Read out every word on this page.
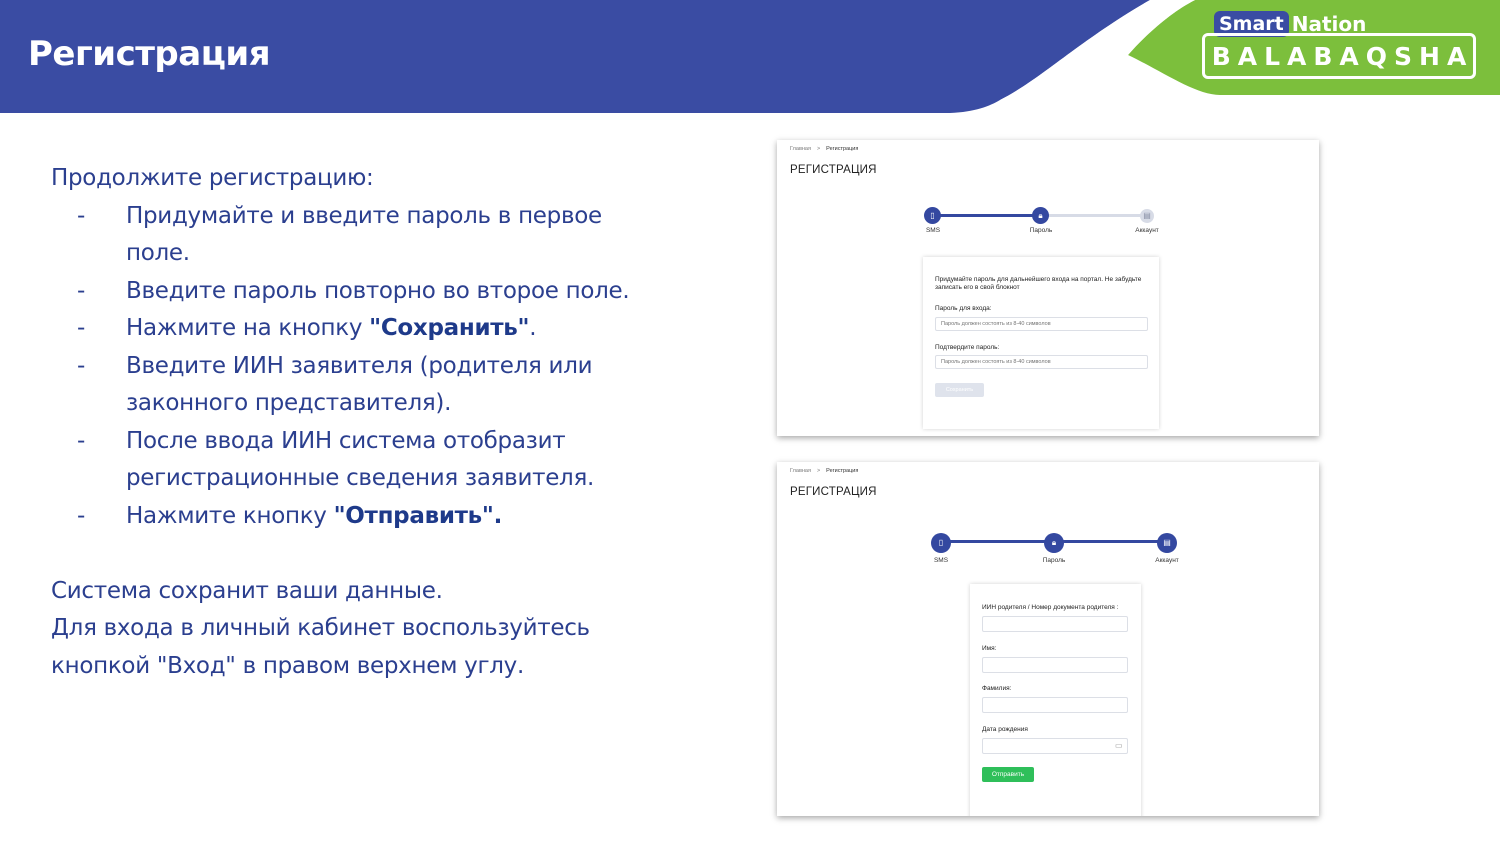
Регистрация
Smart Nation
BALABAQSHA

Продолжите регистрацию:

- Придумайте и введите пароль в первое поле.
- Введите пароль повторно во второе поле.
- Нажмите на кнопку "Сохранить".
- Введите ИИН заявителя (родителя или законного представителя).
- После ввода ИИН система отобразит регистрационные сведения заявителя.
- Нажмите кнопку "Отправить".

Система сохранит ваши данные.

Для входа в личный кабинет воспользуйтесь кнопкой "Вход" в правом верхнем углу.

Главная > Регистрация
РЕГИСТРАЦИЯ
▯	🔒︎	▤
SMS	Пароль	Аккаунт
Придумайте пароль для дальнейшего входа на портал. Не забудьте записать его в свой блокнот
Пароль для входа:
Пароль должен состоять из 8-40 символов
Подтвердите пароль:
Пароль должен состоять из 8-40 символов
Сохранить
Главная > Регистрация
РЕГИСТРАЦИЯ
▯	🔒︎	▤
SMS	Пароль	Аккаунт
ИИН родителя / Номер документа родителя :
Имя:
Фамилия:
Дата рождения
▭
Отправить
